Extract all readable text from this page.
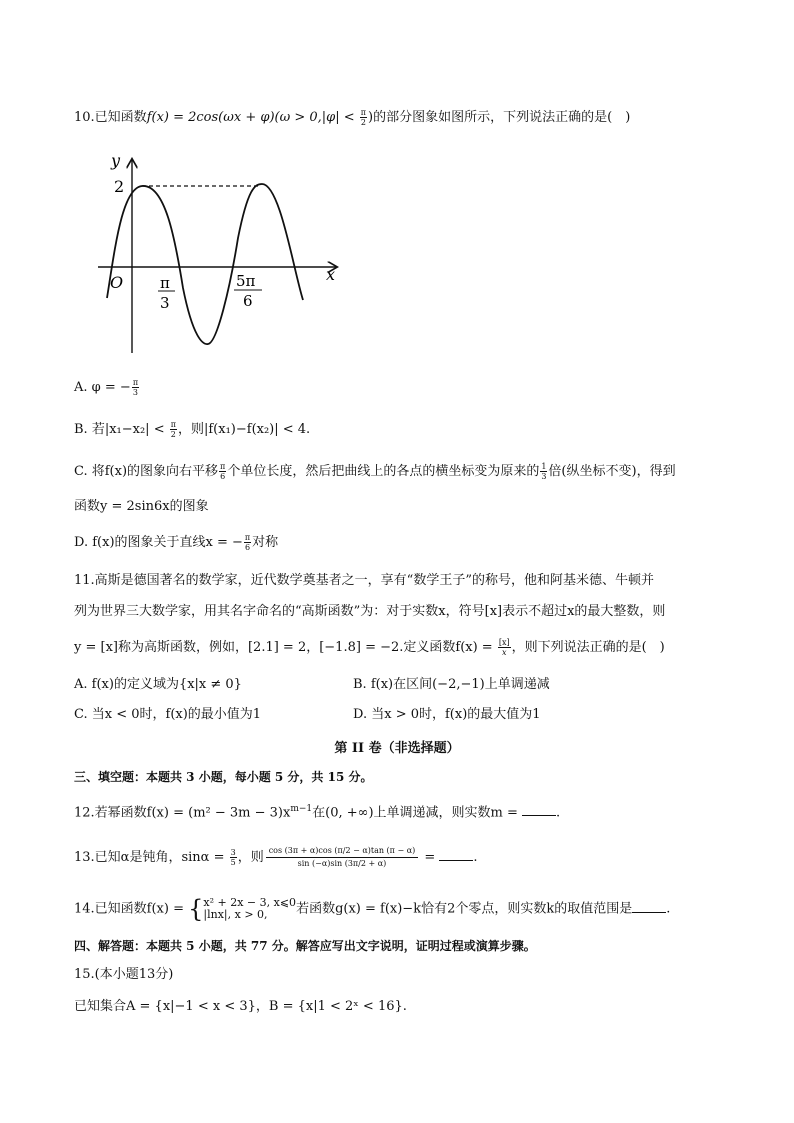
10.已知函数$f(x) = 2\cos(\omega x + \varphi)(\omega > 0,|\varphi| < \frac{\pi}{2}$ )的部分图象如图所示，下列说法正确的是(　)
y
x
O
2
π
3
5π
6
A. φ = − $\frac{\pi}{3}$
B. 若$|x_1-x_2| < \frac{\pi}{2}$ ，则|f(x₁)−f(x₂)| < 4.
C. 将f(x)的图象向右平移 $\frac{\pi}{6}$ 个单位长度，然后把曲线上的各点的横坐标变为原来的 $\frac{1}{3}$ 倍(纵坐标不变)，得到
函数y = 2sin6x的图象
D. f(x)的图象关于直线x = − $\frac{\pi}{6}$ 对称
11.高斯是德国著名的数学家，近代数学奠基者之一，享有“数学王子”的称号，他和阿基米德、牛顿并
列为世界三大数学家，用其名字命名的“高斯函数”为：对于实数x，符号[x]表示不超过x的最大整数，则
y = [x]称为高斯函数，例如，[2.1] = 2，[−1.8] = −2.定义函数$f(x) = \frac{[x]}{x}$ ，则下列说法正确的是(　)
A. f(x)的定义域为{x|x ≠ 0}	B. f(x)在区间(−2,−1)上单调递减
C. 当x < 0时，f(x)的最小值为1	D. 当x > 0时，f(x)的最大值为1
第 II 卷（非选择题）
三、填空题：本题共 3 小题，每小题 5 分，共 15 分。
12.若幂函数$f(x) = (m^2 - 3m - 3)x^{m-1}$在(0, +∞)上单调递减，则实数m =	.
13.已知α是钝角，$\sin\alpha = \frac{3}{5}$ ，则 $\frac{\cos (3\pi + \alpha)\cos (\pi/2 - \alpha)\tan (\pi - \alpha)}{\sin (-\alpha)\sin (3\pi/2 + \alpha)}$ =	.
14.已知函数f(x) = { x² + 2x − 3, x⩽0
|lnx|, x > 0,	若函数g(x) = f(x)−k恰有2个零点，则实数k的取值范围是	.
四、解答题：本题共 5 小题，共 77 分。解答应写出文字说明，证明过程或演算步骤。
15.(本小题13分)
已知集合A = {x|−1 < x < 3}，B = {x|1 < 2ˣ < 16}.
